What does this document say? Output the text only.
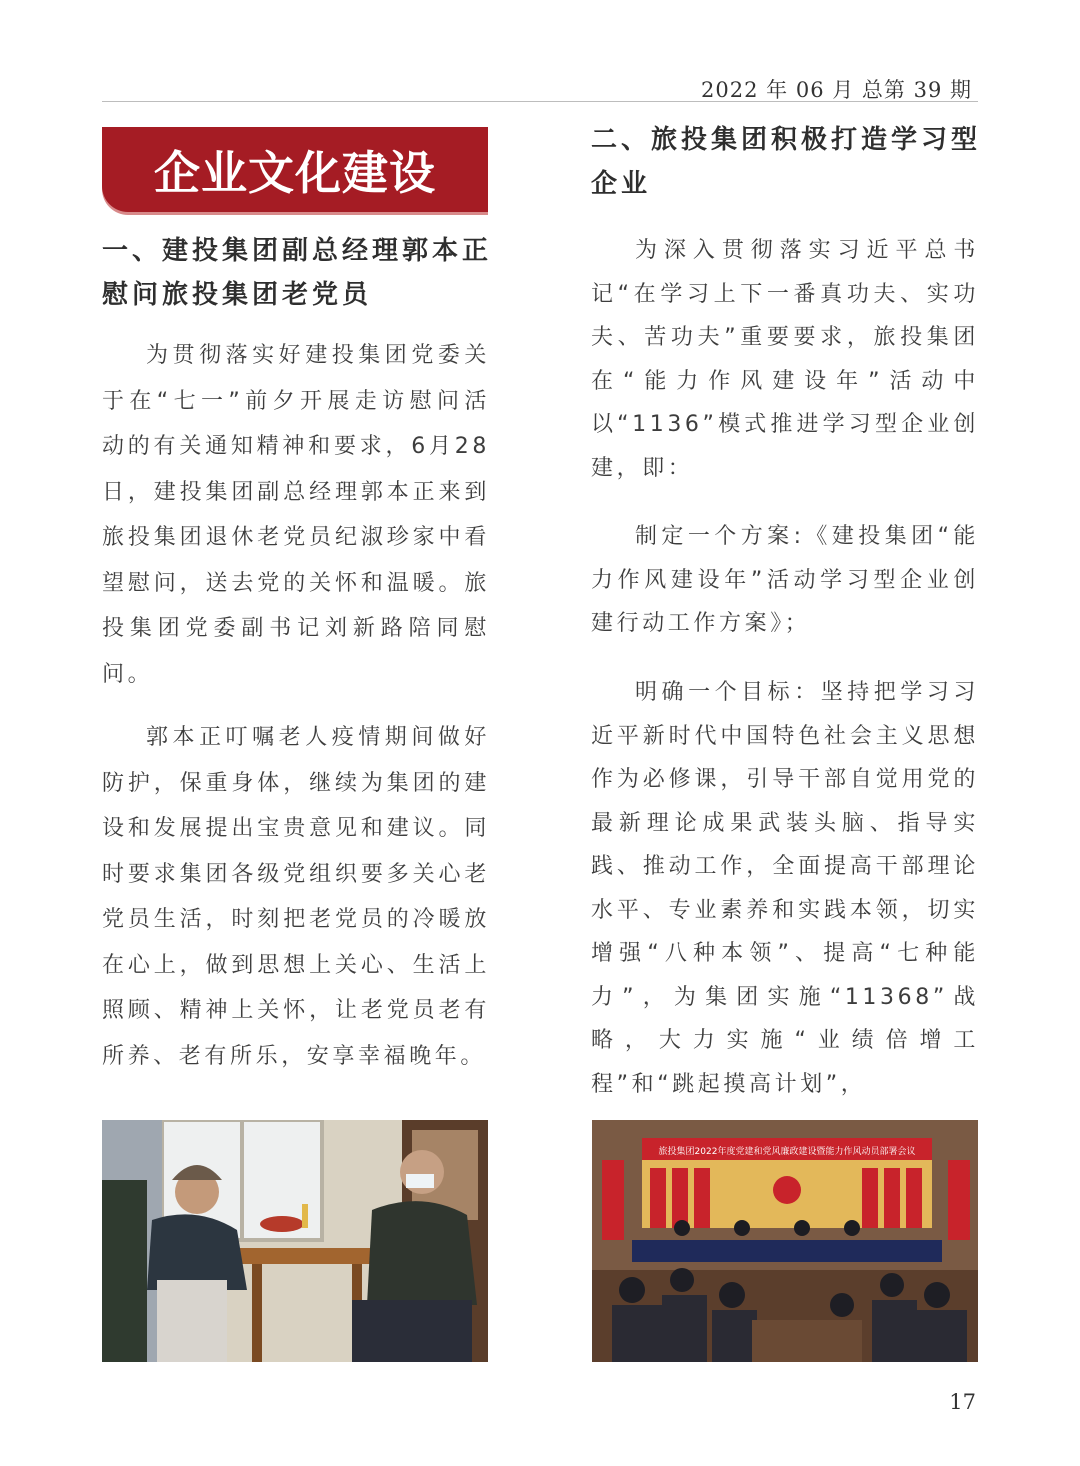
2022 年 06 月 总第 39 期
企业文化建设
一、建投集团副总经理郭本正慰问旅投集团老党员
为贯彻落实好建投集团党委关于在“七一”前夕开展走访慰问活动的有关通知精神和要求，6月28日，建投集团副总经理郭本正来到旅投集团退休老党员纪淑珍家中看望慰问，送去党的关怀和温暖。旅投集团党委副书记刘新路陪同慰问。
郭本正叮嘱老人疫情期间做好防护，保重身体，继续为集团的建设和发展提出宝贵意见和建议。同时要求集团各级党组织要多关心老党员生活，时刻把老党员的冷暖放在心上，做到思想上关心、生活上照顾、精神上关怀，让老党员老有所养、老有所乐，安享幸福晚年。
二、旅投集团积极打造学习型企业
为深入贯彻落实习近平总书记“在学习上下一番真功夫、实功夫、苦功夫”重要要求，旅投集团在“能力作风建设年”活动中以“1136”模式推进学习型企业创建，即：
制定一个方案:《建投集团“能力作风建设年”活动学习型企业创建行动工作方案》；
明确一个目标：坚持把学习习近平新时代中国特色社会主义思想作为必修课，引导干部自觉用党的最新理论成果武装头脑、指导实践、推动工作，全面提高干部理论水平、专业素养和实践本领，切实增强“八种本领”、提高“七种能力”，为集团实施“11368”战略，大力实施“业绩倍增工程”和“跳起摸高计划”，
旅投集团2022年度党建和党风廉政建设暨能力作风动员部署会议
17
